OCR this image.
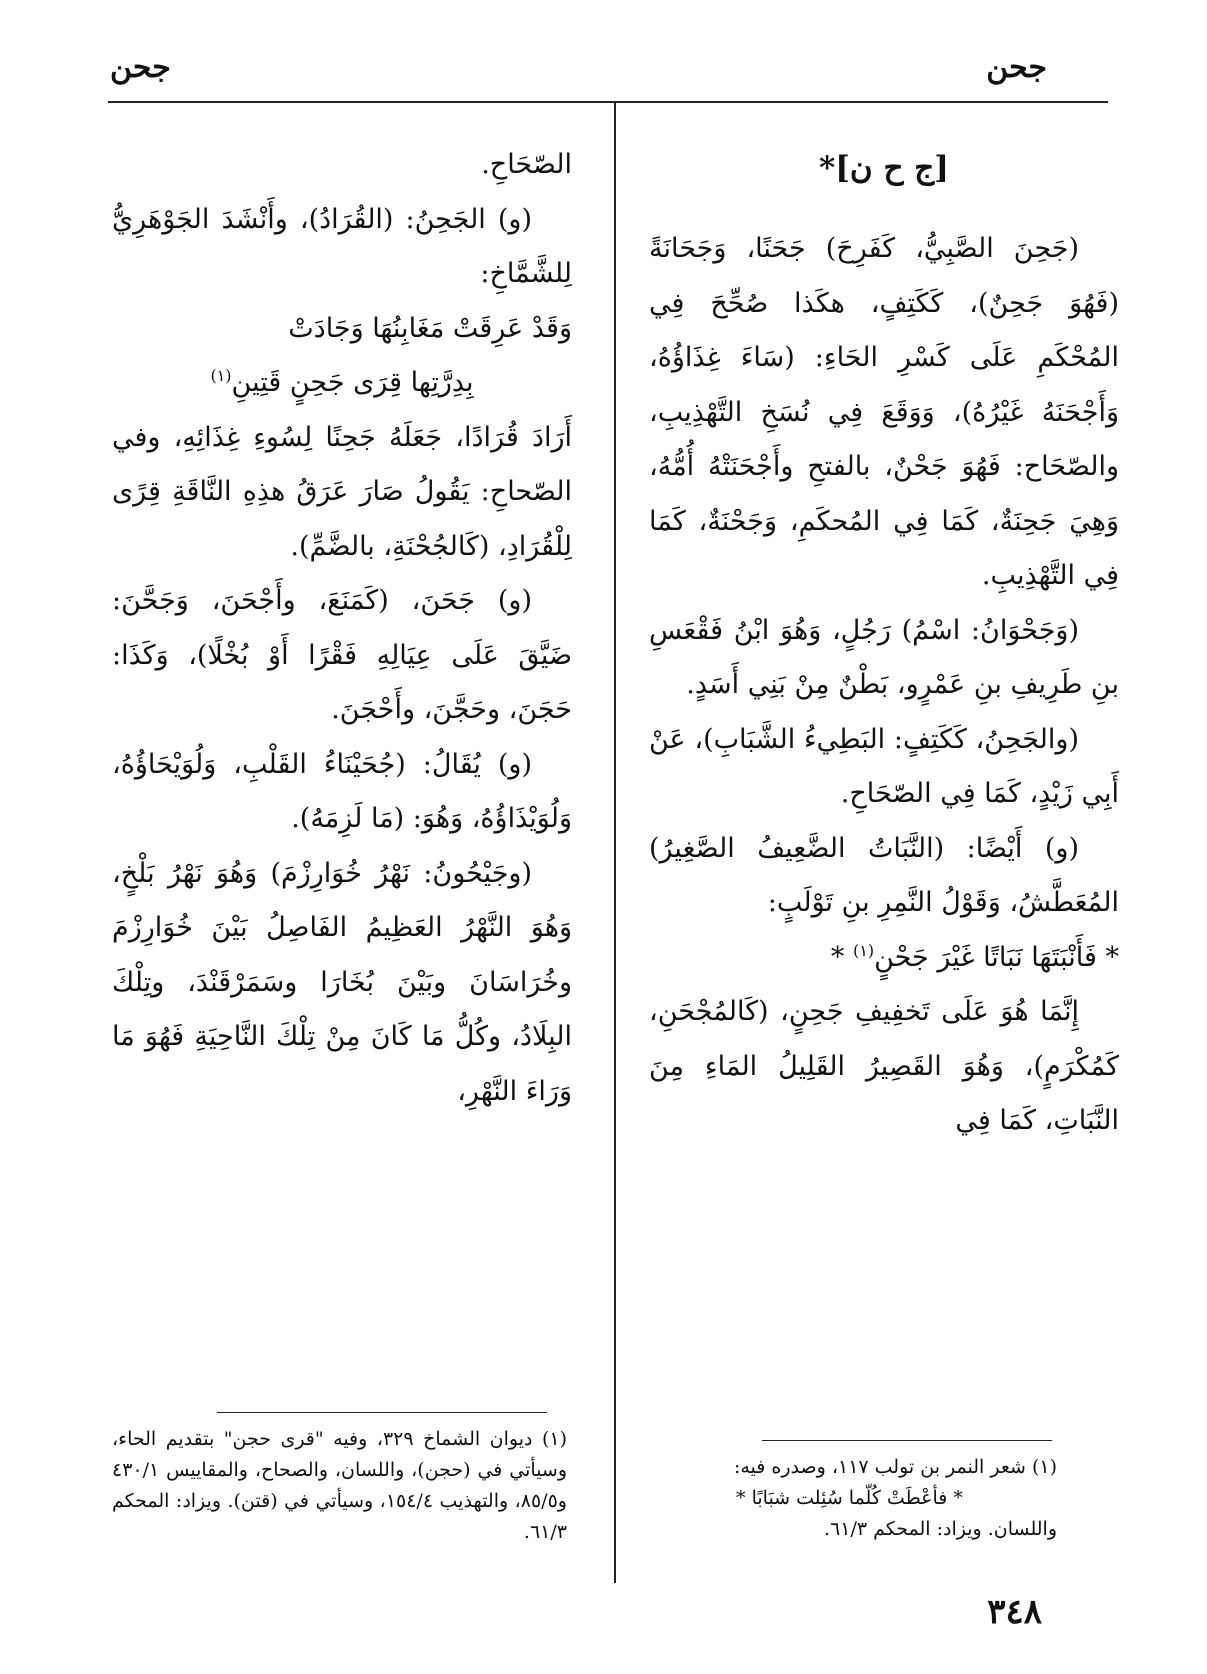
جحن
جحن

[ج ح ن]*

(جَحِنَ الصَّبِيُّ، كَفَرِحَ) جَحَنًا، وَجَحَانَةً (فَهُوَ جَحِنٌ)، كَكَتِفٍ، هكَذا صُحِّحَ فِي المُحْكَمِ عَلَى كَسْرِ الحَاءِ: (سَاءَ غِذَاؤُهُ، وَأَجْحَنَهُ غَيْرُهُ)، وَوَقَعَ فِي نُسَخِ التَّهْذِيبِ، والصّحَاح: فَهُوَ جَحْنٌ، بالفتحِ وأَجْحَنَتْهُ أُمُّهُ، وَهِيَ جَحِنَةٌ، كَمَا فِي المُحكَمِ، وَجَحْنَةٌ، كَمَا فِي التَّهْذِيبِ.

(وَجَحْوَانُ: اسْمُ) رَجُلٍ، وَهُوَ ابْنُ فَقْعَسِ بنِ طَرِيفِ بنِ عَمْرٍو، بَطْنٌ مِنْ بَنِي أَسَدٍ.

(والجَحِنُ، كَكَتِفٍ: البَطِيءُ الشَّبَابِ)، عَنْ أَبِي زَيْدٍ، كَمَا فِي الصّحَاحِ.

(و) أَيْضًا: (النَّبَاتُ الضَّعِيفُ الصَّغِيرُ) المُعَطَّشُ، وَقَوْلُ النَّمِرِ بنِ تَوْلَبٍ:

* فَأَنْبَتَهَا نَبَاتًا غَيْرَ جَحْنٍ$^{(١)}$ *

إِنَّمَا هُوَ عَلَى تَخفِيفِ جَحِنٍ، (كَالمُجْحَنِ، كَمُكْرَمٍ)، وَهُوَ القَصِيرُ القَلِيلُ المَاءِ مِنَ النَّبَاتِ، كَمَا فِي

الصّحَاحِ.

(و) الجَحِنُ: (القُرَادُ)، وأَنْشَدَ الجَوْهَرِيُّ لِلشَّمَّاخِ:

وَقَدْ عَرِقَتْ مَغَابِنُهَا وَجَادَتْ

بِدِرَّتِها قِرَى جَحِنٍ قَتِينِ$^{(١)}$

أَرَادَ قُرَادًا، جَعَلَهُ جَحِنًا لِسُوءِ غِذَائِهِ، وفي الصّحاحِ: يَقُولُ صَارَ عَرَقُ هذِهِ النَّاقَةِ قِرًى لِلْقُرَادِ، (كَالجُحْنَةِ، بالضَّمِّ).

(و) جَحَنَ، (كَمَنَعَ، وأَجْحَنَ، وَجَحَّنَ: ضَيَّقَ عَلَى عِيَالِهِ فَقْرًا أَوْ بُخْلًا)، وَكَذَا: حَجَنَ، وحَجَّنَ، وأَحْجَنَ.

(و) يُقَالُ: (جُحَيْنَاءُ القَلْبِ، وَلُوَيْحَاؤُهُ، وَلُوَيْذَاؤُهُ، وَهُوَ: (مَا لَزِمَهُ).

(وجَيْحُونُ: نَهْرُ خُوَارِزْمَ) وَهُوَ نَهْرُ بَلْخٍ، وَهُوَ النَّهْرُ العَظِيمُ الفَاصِلُ بَيْنَ خُوَارِزْمَ وخُرَاسَانَ وبَيْنَ بُخَارَا وسَمَرْقَنْدَ، وتِلْكَ البِلَادُ، وكُلُّ مَا كَانَ مِنْ تِلْكَ النَّاحِيَةِ فَهُوَ مَا وَرَاءَ النَّهْرِ،

(١) شعر النمر بن تولب ١١٧، وصدره فيه:

* فأعْطَتْ كُلّما سُئِلت شبَابًا *

واللسان. ويزاد: المحكم ٦١/٣.

(١) ديوان الشماخ ٣٢٩، وفيه "قرى حجن" بتقديم الحاء، وسيأتي في (حجن)، واللسان، والصحاح، والمقاييس ٤٣٠/١ و٨٥/٥، والتهذيب ١٥٤/٤، وسيأتي في (قتن). ويزاد: المحكم ٦١/٣.

٣٤٨
